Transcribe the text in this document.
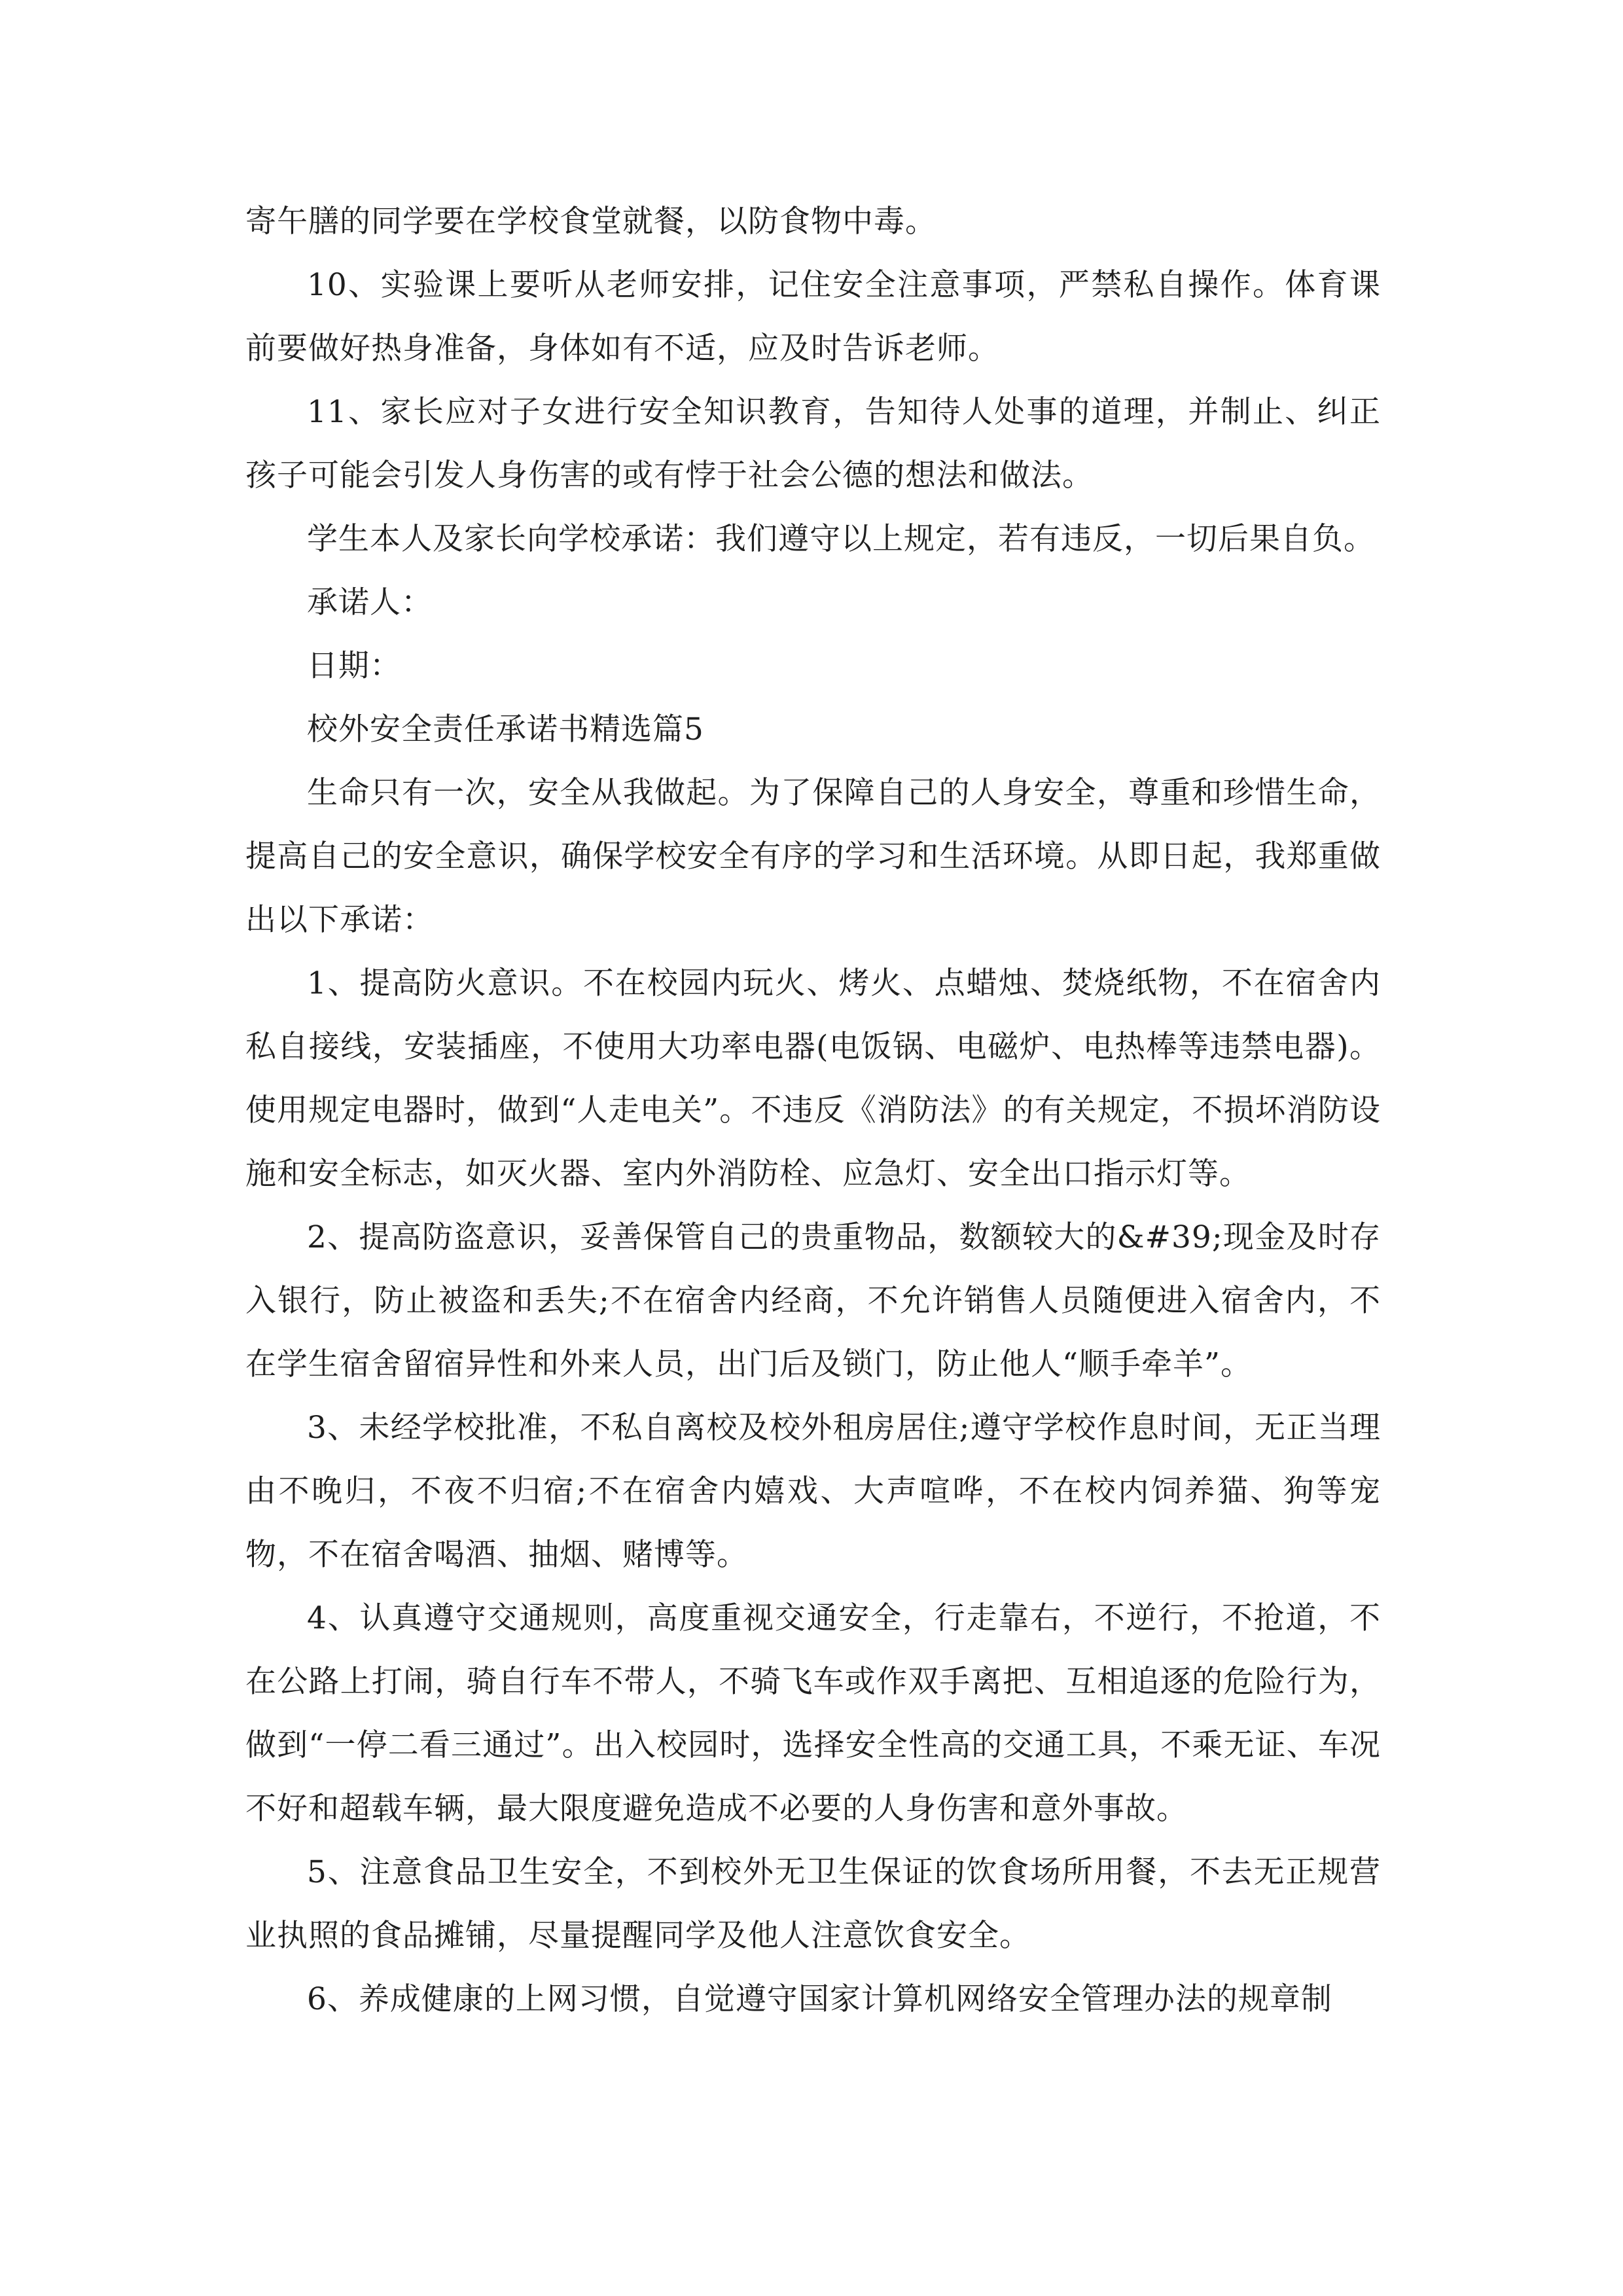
寄午膳的同学要在学校食堂就餐，以防食物中毒。

10、实验课上要听从老师安排，记住安全注意事项，严禁私自操作。体育课前要做好热身准备，身体如有不适，应及时告诉老师。

11、家长应对子女进行安全知识教育，告知待人处事的道理，并制止、纠正孩子可能会引发人身伤害的或有悖于社会公德的想法和做法。

学生本人及家长向学校承诺：我们遵守以上规定，若有违反，一切后果自负。

承诺人：

日期：

校外安全责任承诺书精选篇5

生命只有一次，安全从我做起。为了保障自己的人身安全，尊重和珍惜生命，提高自己的安全意识，确保学校安全有序的学习和生活环境。从即日起，我郑重做出以下承诺：

1、提高防火意识。不在校园内玩火、烤火、点蜡烛、焚烧纸物，不在宿舍内私自接线，安装插座，不使用大功率电器(电饭锅、电磁炉、电热棒等违禁电器)。使用规定电器时，做到“人走电关”。不违反《消防法》的有关规定，不损坏消防设施和安全标志，如灭火器、室内外消防栓、应急灯、安全出口指示灯等。

2、提高防盗意识，妥善保管自己的贵重物品，数额较大的&#39;现金及时存入银行，防止被盗和丢失;不在宿舍内经商，不允许销售人员随便进入宿舍内，不在学生宿舍留宿异性和外来人员，出门后及锁门，防止他人“顺手牵羊”。

3、未经学校批准，不私自离校及校外租房居住;遵守学校作息时间，无正当理由不晚归，不夜不归宿;不在宿舍内嬉戏、大声喧哗，不在校内饲养猫、狗等宠物，不在宿舍喝酒、抽烟、赌博等。

4、认真遵守交通规则，高度重视交通安全，行走靠右，不逆行，不抢道，不在公路上打闹，骑自行车不带人，不骑飞车或作双手离把、互相追逐的危险行为，做到“一停二看三通过”。出入校园时，选择安全性高的交通工具，不乘无证、车况不好和超载车辆，最大限度避免造成不必要的人身伤害和意外事故。

5、注意食品卫生安全，不到校外无卫生保证的饮食场所用餐，不去无正规营业执照的食品摊铺，尽量提醒同学及他人注意饮食安全。

6、养成健康的上网习惯，自觉遵守国家计算机网络安全管理办法的规章制
